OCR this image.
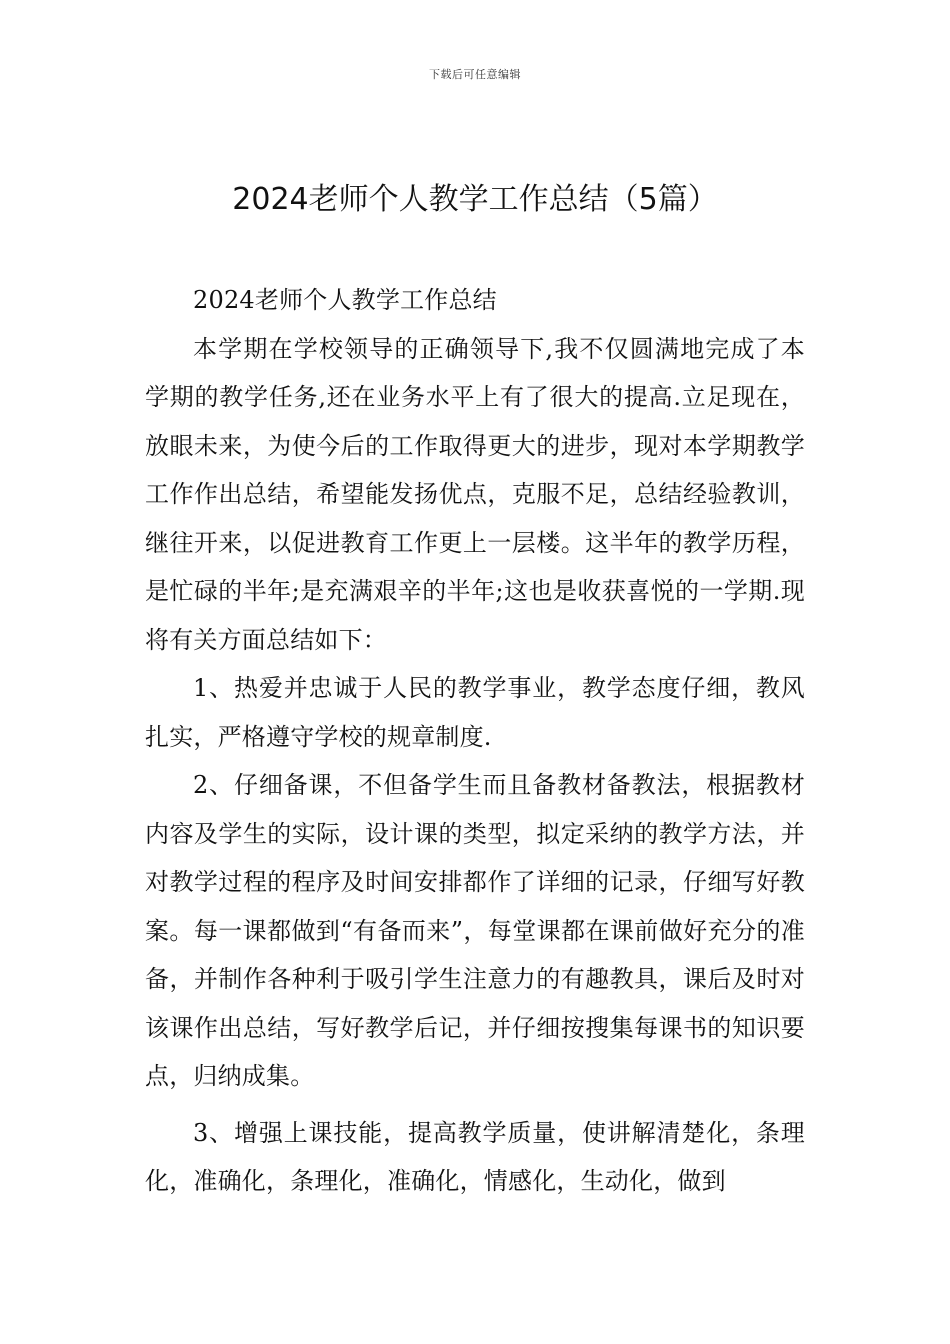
下载后可任意编辑
2024老师个人教学工作总结（5篇）

2024老师个人教学工作总结

本学期在学校领导的正确领导下,我不仅圆满地完成了本学期的教学任务,还在业务水平上有了很大的提高.立足现在，放眼未来，为使今后的工作取得更大的进步，现对本学期教学工作作出总结，希望能发扬优点，克服不足，总结经验教训，继往开来，以促进教育工作更上一层楼。这半年的教学历程，是忙碌的半年;是充满艰辛的半年;这也是收获喜悦的一学期.现将有关方面总结如下：

1、热爱并忠诚于人民的教学事业，教学态度仔细，教风扎实，严格遵守学校的规章制度.

2、仔细备课，不但备学生而且备教材备教法，根据教材 内容及学生的实际，设计课的类型，拟定采纳的教学方法，并对教学过程的程序及时间安排都作了详细的记录，仔细写好教案。每一课都做到“有备而来”，每堂课都在课前做好充分的准备，并制作各种利于吸引学生注意力的有趣教具，课后及时对该课作出总结，写好教学后记，并仔细按搜集每课书的知识要点，归纳成集。

3、增强上课技能，提高教学质量，使讲解清楚化，条理化，准确化，条理化，准确化，情感化，生动化，做到
